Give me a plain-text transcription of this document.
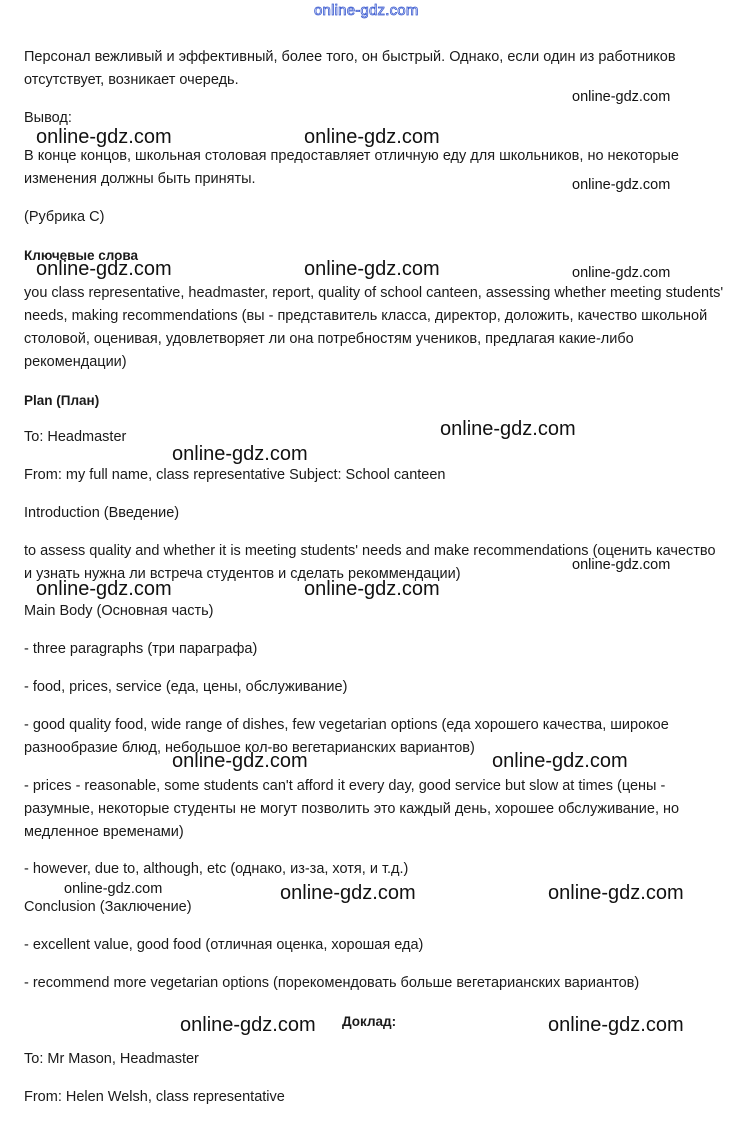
online-gdz.com

Персонал вежливый и эффективный, более того, он быстрый. Однако, если один из работников отсутствует, возникает очередь.

Вывод:

В конце концов, школьная столовая предоставляет отличную еду для школьников, но некоторые изменения должны быть приняты.

(Рубрика С)

Ключевые слова

you class representative, headmaster, report, quality of school canteen, assessing whether meeting students' needs, making recommendations (вы - представитель класса, директор, доложить, качество школьной столовой, оценивая, удовлетворяет ли она потребностям учеников, предлагая какие-либо рекомендации)

Plan (План)

To: Headmaster

From: my full name, class representative Subject: School canteen

Introduction (Введение)

to assess quality and whether it is meeting students' needs and make recommendations (оценить качество и узнать нужна ли встреча студентов и сделать рекоммендации)

Main Body (Основная часть)

- three paragraphs (три параграфа)

- food, prices, service (еда, цены, обслуживание)

- good quality food, wide range of dishes, few vegetarian options (еда хорошего качества, широкое разнообразие блюд, небольшое кол-во вегетарианских вариантов)

- prices - reasonable, some students can't afford it every day, good service but slow at times (цены - разумные, некоторые студенты не могут позволить это каждый день, хорошее обслуживание, но медленное временами)

- however, due to, although, etc (однако, из-за, хотя, и т.д.)

Conclusion (Заключение)

- excellent value, good food (отличная оценка, хорошая еда)

- recommend more vegetarian options (порекомендовать больше вегетарианских вариантов)

Доклад:

To: Mr Mason, Headmaster

From: Helen Welsh, class representative

online-gdz.com
online-gdz.com	online-gdz.com
online-gdz.com
online-gdz.com	online-gdz.com	online-gdz.com
online-gdz.com
online-gdz.com
online-gdz.com
online-gdz.com	online-gdz.com
online-gdz.com	online-gdz.com
online-gdz.com	online-gdz.com	online-gdz.com
online-gdz.com	online-gdz.com
